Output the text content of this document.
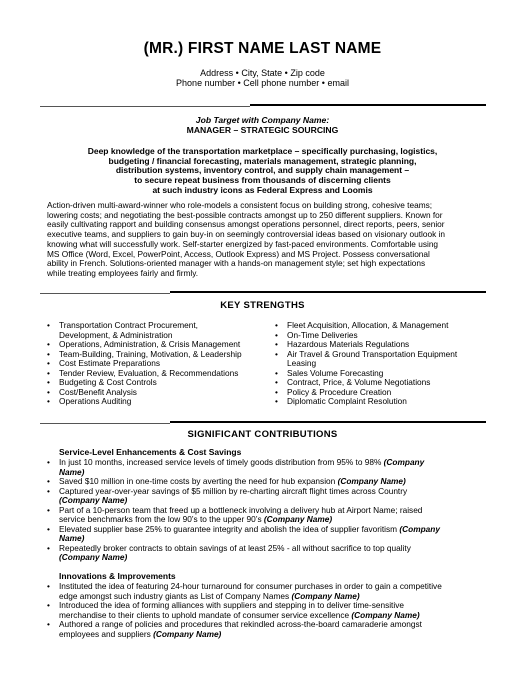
(MR.) FIRST NAME LAST NAME
Address • City, State • Zip code
Phone number • Cell phone number • email
Job Target with Company Name:
MANAGER – STRATEGIC SOURCING
Deep knowledge of the transportation marketplace – specifically purchasing, logistics,
budgeting / financial forecasting, materials management, strategic planning,
distribution systems, inventory control, and supply chain management –
to secure repeat business from thousands of discerning clients
at such industry icons as Federal Express and Loomis
Action-driven multi-award-winner who role-models a consistent focus on building strong, cohesive teams;
lowering costs; and negotiating the best-possible contracts amongst up to 250 different suppliers. Known for
easily cultivating rapport and building consensus amongst operations personnel, direct reports, peers, senior
executive teams, and suppliers to gain buy-in on seemingly controversial ideas based on visionary outlook in
knowing what will successfully work. Self-starter energized by fast-paced environments. Comfortable using
MS Office (Word, Excel, PowerPoint, Access, Outlook Express) and MS Project. Possess conversational
ability in French. Solutions-oriented manager with a hands-on management style; set high expectations
while treating employees fairly and firmly.
KEY STRENGTHS
• Transportation Contract Procurement,
Development, & Administration
• Operations, Administration, & Crisis Management
• Team-Building, Training, Motivation, & Leadership
• Cost Estimate Preparations
• Tender Review, Evaluation, & Recommendations
• Budgeting & Cost Controls
• Cost/Benefit Analysis
• Operations Auditing
• Fleet Acquisition, Allocation, & Management
• On-Time Deliveries
• Hazardous Materials Regulations
• Air Travel & Ground Transportation Equipment
Leasing
• Sales Volume Forecasting
• Contract, Price, & Volume Negotiations
• Policy & Procedure Creation
• Diplomatic Complaint Resolution
SIGNIFICANT CONTRIBUTIONS
Service-Level Enhancements & Cost Savings
• In just 10 months, increased service levels of timely goods distribution from 95% to 98% (Company
Name)
• Saved $10 million in one-time costs by averting the need for hub expansion (Company Name)
• Captured year-over-year savings of $5 million by re-charting aircraft flight times across Country
(Company Name)
• Part of a 10-person team that freed up a bottleneck involving a delivery hub at Airport Name; raised
service benchmarks from the low 90’s to the upper 90’s (Company Name)
• Elevated supplier base 25% to guarantee integrity and abolish the idea of supplier favoritism (Company
Name)
• Repeatedly broker contracts to obtain savings of at least 25% - all without sacrifice to top quality
(Company Name)
Innovations & Improvements
• Instituted the idea of featuring 24-hour turnaround for consumer purchases in order to gain a competitive
edge amongst such industry giants as List of Company Names (Company Name)
• Introduced the idea of forming alliances with suppliers and stepping in to deliver time-sensitive
merchandise to their clients to uphold mandate of consumer service excellence (Company Name)
• Authored a range of policies and procedures that rekindled across-the-board camaraderie amongst
employees and suppliers (Company Name)
